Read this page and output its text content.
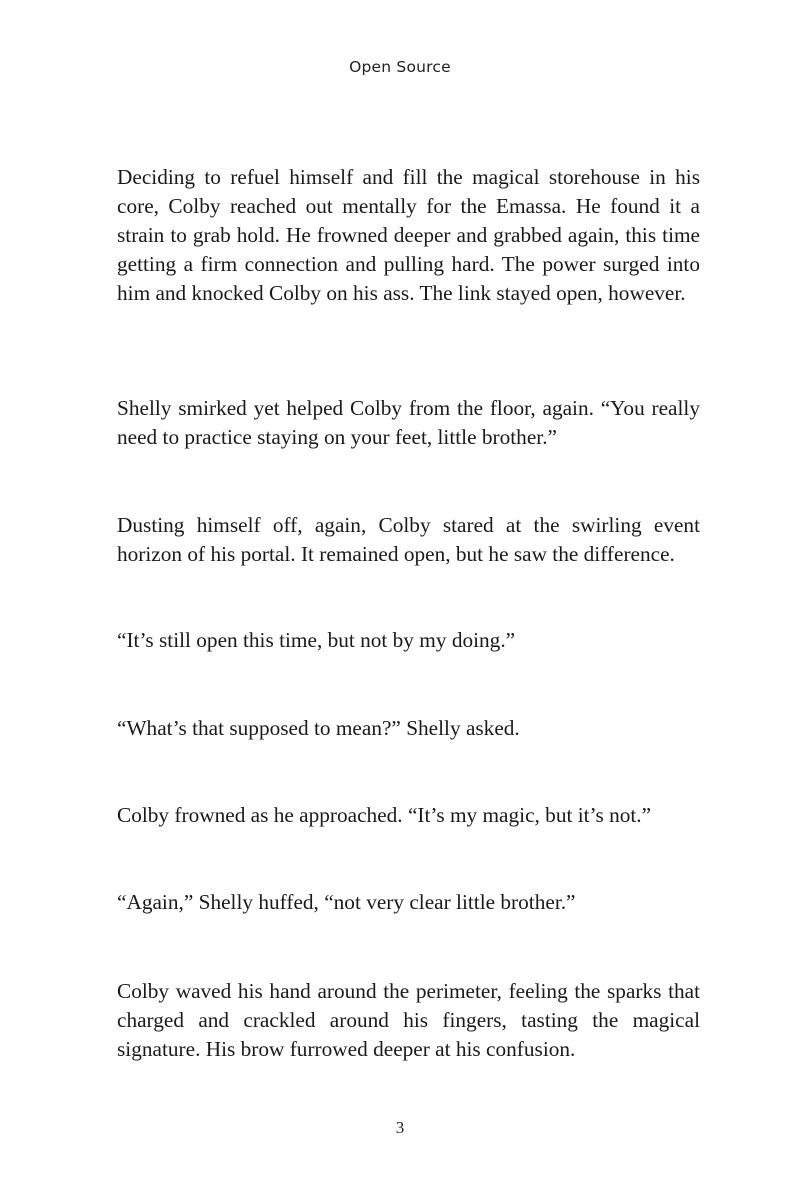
Open Source

Deciding to refuel himself and fill the magical storehouse in his core, Colby reached out mentally for the Emassa. He found it a strain to grab hold. He frowned deeper and grabbed again, this time getting a firm connection and pulling hard. The power surged into him and knocked Colby on his ass. The link stayed open, however.

Shelly smirked yet helped Colby from the floor, again. “You really need to practice staying on your feet, little brother.”

Dusting himself off, again, Colby stared at the swirling event horizon of his portal. It remained open, but he saw the difference.

“It’s still open this time, but not by my doing.”

“What’s that supposed to mean?” Shelly asked.

Colby frowned as he approached. “It’s my magic, but it’s not.”

“Again,” Shelly huffed, “not very clear little brother.”

Colby waved his hand around the perimeter, feeling the sparks that charged and crackled around his fingers, tasting the magical signature. His brow furrowed deeper at his confusion.

3
